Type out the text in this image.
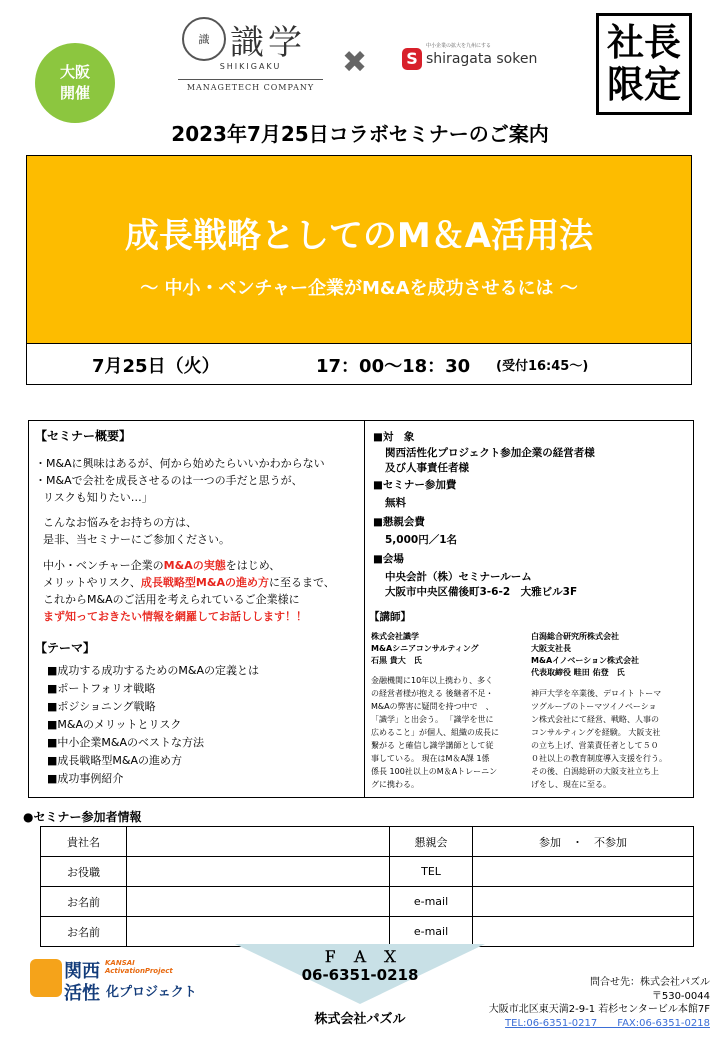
大阪
開催
識 識学
SHIKIGAKU
MANAGETECH COMPANY
✖ S
中小企業の拡大を九州にする
shiragata soken 社長限定
2023年7月25日コラボセミナーのご案内
成長戦略としてのM＆A活用法
〜 中小・ベンチャー企業がM&Aを成功させるには 〜
7月25日（火）	17：00〜18：30 (受付16:45〜)
【セミナー概要】
・M&Aに興味はあるが、何から始めたらいいかわからない
・M&Aで会社を成長させるのは一つの手だと思うが、
リスクも知りたい…」
こんなお悩みをお持ちの方は、
是非、当セミナーにご参加ください。
中小・ベンチャー企業のM&Aの実態をはじめ、
メリットやリスク、成長戦略型M&Aの進め方に至るまで、
これからM&Aのご活用を考えられているご企業様に
まず知っておきたい情報を網羅してお話しします！！
【テーマ】
■成功する成功するためのM&Aの定義とは
■ポートフォリオ戦略
■ポジショニング戦略
■M&Aのメリットとリスク
■中小企業M&Aのベストな方法
■成長戦略型M&Aの進め方
■成功事例紹介
■対　象
関西活性化プロジェクト参加企業の経営者様
及び人事責任者様
■セミナー参加費
無料
■懇親会費
5,000円／1名
■会場
中央会計（株）セミナールーム
大阪市中央区備後町3-6-2　大雅ビル3F
【講師】
株式会社識学
M&Aシニアコンサルティング
石黒 貴大　氏
金融機関に10年以上携わり、多く
の経営者様が抱える 後継者不足・
M&Aの弊害に疑問を持つ中で　、
「識学」と出会う。 「識学を世に
広めること」が個人、組織の成長に
繋がる と確信し識学講師として従
事している。 現在はM＆A課 1係
係長 100社以上のM＆Aトレーニン
グに携わる。
白潟総合研究所株式会社
大阪支社長
M&Aイノベーション株式会社
代表取締役 畦田 佑登　氏
神戸大学を卒業後、デロイト トーマ
ツグループのトーマツイノベーショ
ン株式会社にて経営、戦略、人事の
コンサルティングを経験。 大阪支社
の立ち上げ、営業責任者として５０
０社以上の教育制度導入支援を行う。
その後、白潟総研の大阪支社立ち上
げをし、現在に至る。
●セミナー参加者情報
貴社名		懇親会	参加　・　不参加
お役職		TEL	
お名前		e-mail	
お名前		e-mail	
関西
活性
KANSAI
ActivationProject
化プロジェクト
Ｆ　Ａ　Ｘ
06-6351-0218
株式会社パズル
問合せ先：株式会社パズル
〒530-0044
大阪市北区東天満2-9-1 若杉センタービル本館7F
TEL:06-6351-0217　　FAX:06-6351-0218
